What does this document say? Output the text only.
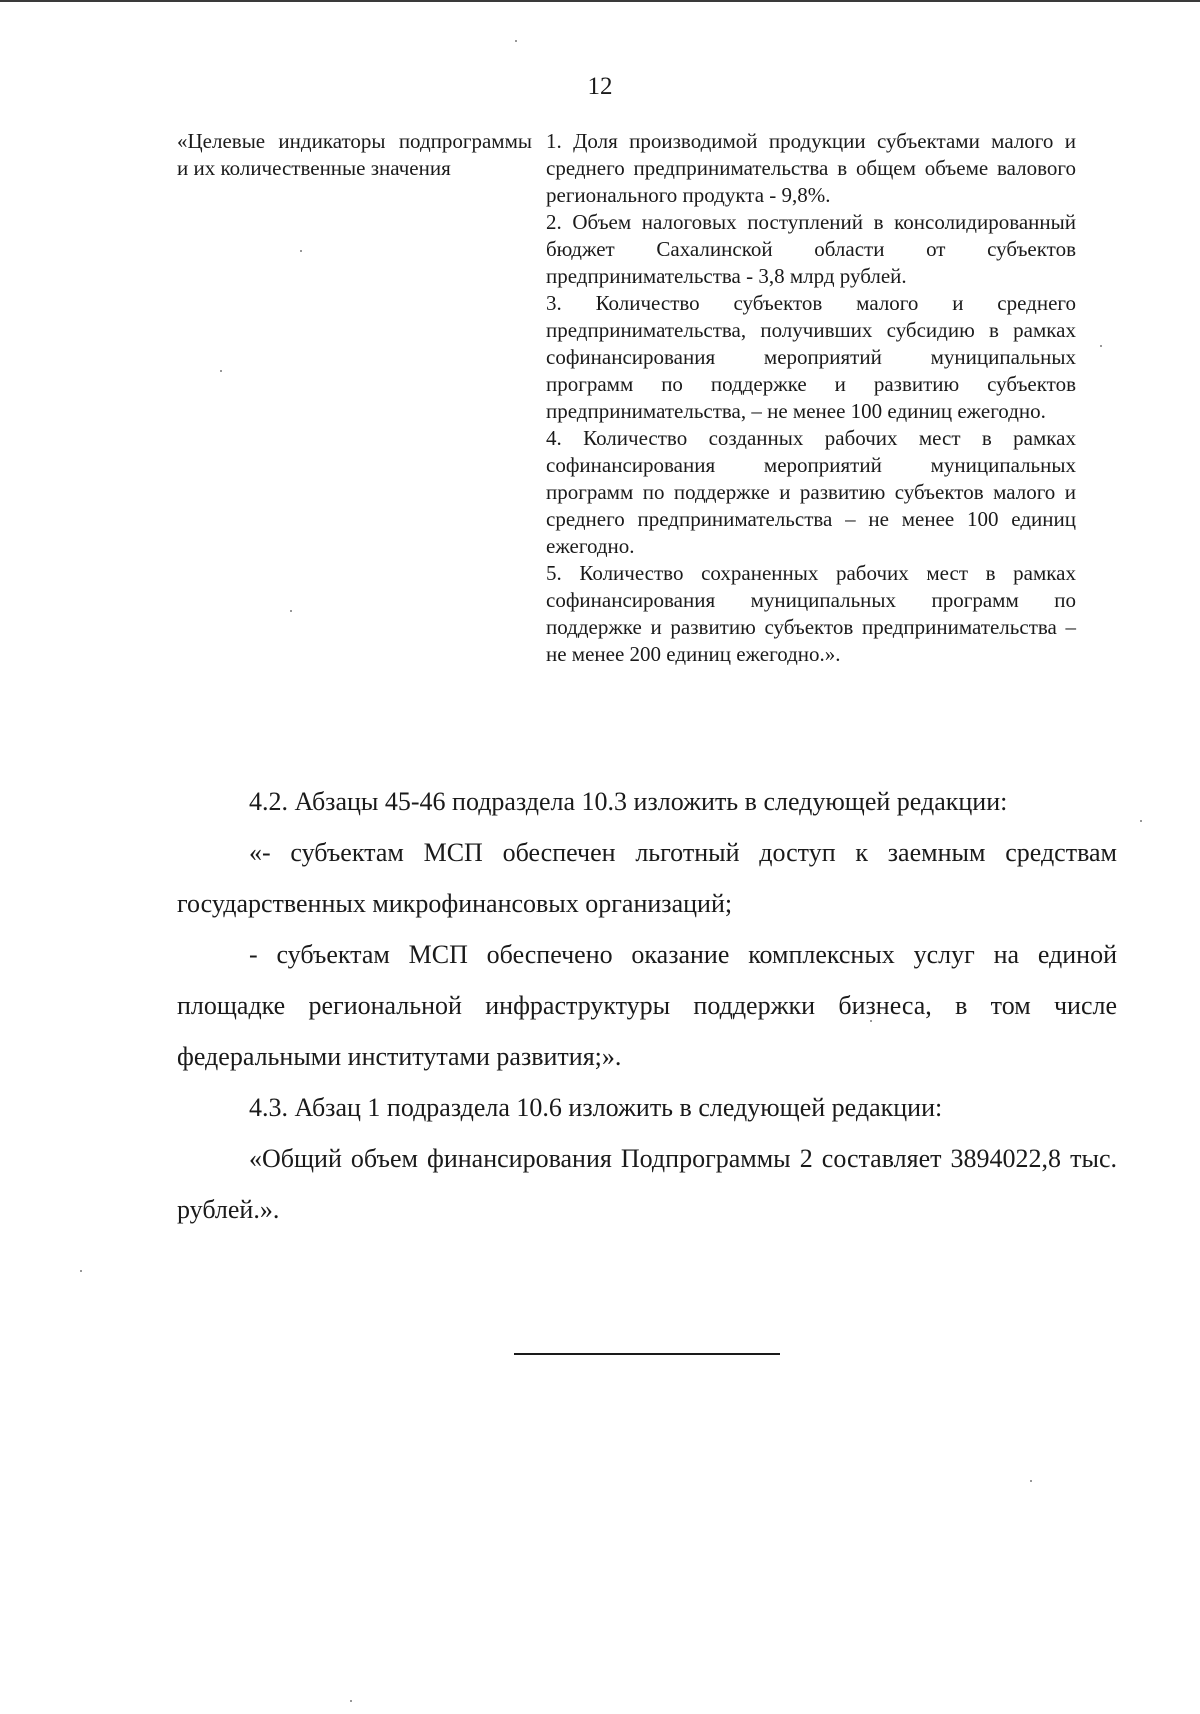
12
«Целевые индикаторы подпрограммы и их количественные значения

1. Доля производимой продукции субъектами малого и среднего предпринимательства в общем объеме валового регионального продукта - 9,8%.

2. Объем налоговых поступлений в консолидированный бюджет Сахалинской области от субъектов предпринимательства - 3,8 млрд рублей.

3. Количество субъектов малого и среднего предпринимательства, получивших субсидию в рамках софинансирования мероприятий муниципальных программ по поддержке и развитию субъектов предпринимательства, – не менее 100 единиц ежегодно.

4. Количество созданных рабочих мест в рамках софинансирования мероприятий муниципальных программ по поддержке и развитию субъектов малого и среднего предпринимательства – не менее 100 единиц ежегодно.

5. Количество сохраненных рабочих мест в рамках софинансирования муниципальных программ по поддержке и развитию субъектов предпринимательства – не менее 200 единиц ежегодно.».

4.2. Абзацы 45-46 подраздела 10.3 изложить в следующей редакции:

«- субъектам МСП обеспечен льготный доступ к заемным средствам государственных микрофинансовых организаций;

- субъектам МСП обеспечено оказание комплексных услуг на единой площадке региональной инфраструктуры поддержки бизнеса, в том числе федеральными институтами развития;».

4.3. Абзац 1 подраздела 10.6 изложить в следующей редакции:

«Общий объем финансирования Подпрограммы 2 составляет 3894022,8 тыс. рублей.».
